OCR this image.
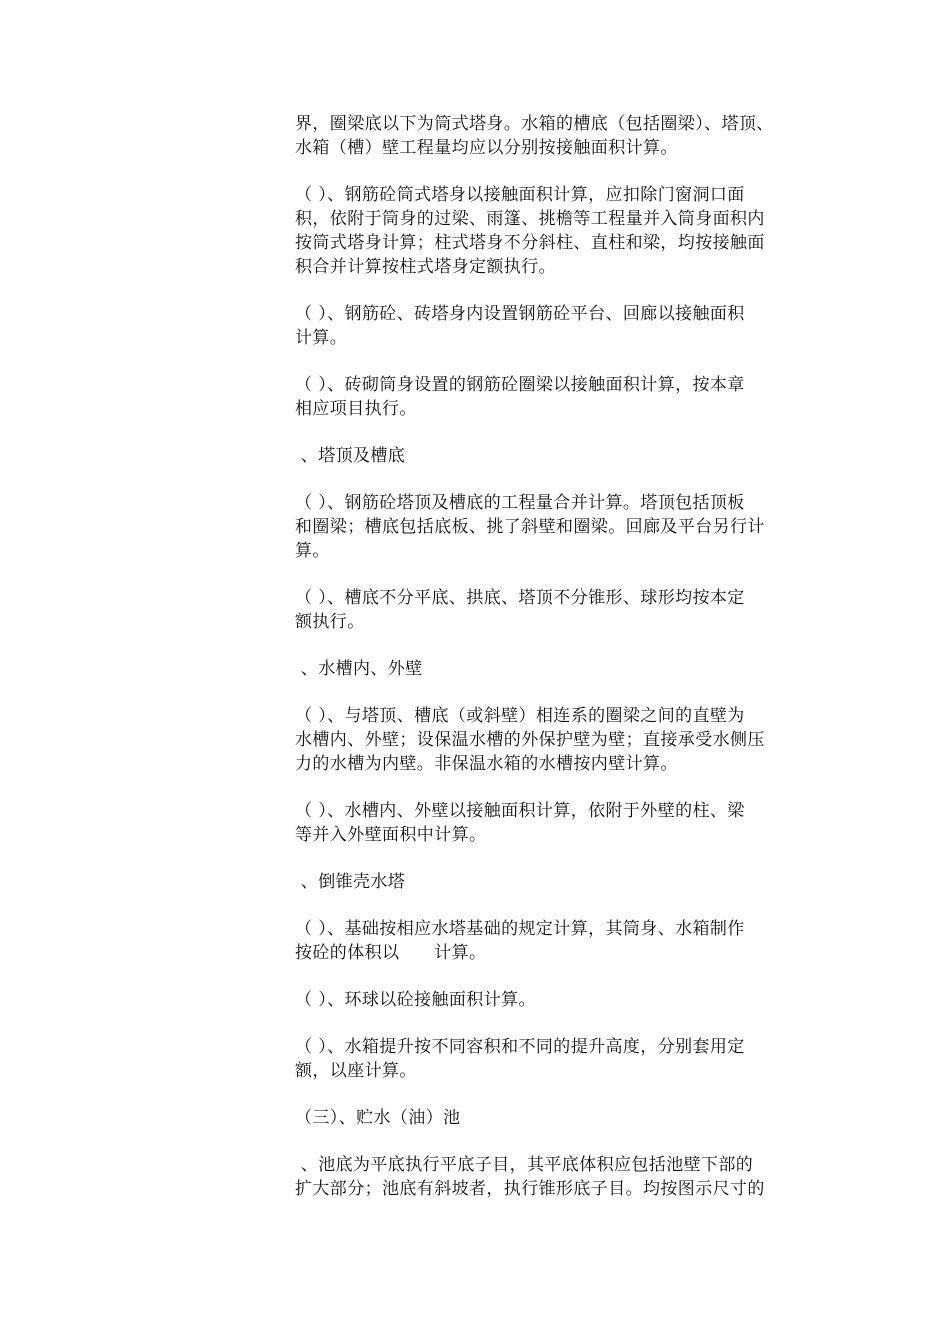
界，圈梁底以下为筒式塔身。水箱的槽底（包括圈梁）、塔顶、
水箱（槽）壁工程量均应以分别按接触面积计算。
（ ）、钢筋砼筒式塔身以接触面积计算，应扣除门窗洞口面
积，依附于筒身的过梁、雨篷、挑檐等工程量并入筒身面积内
按筒式塔身计算；柱式塔身不分斜柱、直柱和梁，均按接触面
积合并计算按柱式塔身定额执行。
（ ）、钢筋砼、砖塔身内设置钢筋砼平台、回廊以接触面积
计算。
（ ）、砖砌筒身设置的钢筋砼圈梁以接触面积计算，按本章
相应项目执行。
、塔顶及槽底
（ ）、钢筋砼塔顶及槽底的工程量合并计算。塔顶包括顶板
和圈梁；槽底包括底板、挑了斜壁和圈梁。回廊及平台另行计
算。
（ ）、槽底不分平底、拱底、塔顶不分锥形、球形均按本定
额执行。
、水槽内、外壁
（ ）、与塔顶、槽底（或斜壁）相连系的圈梁之间的直壁为
水槽内、外壁；设保温水槽的外保护壁为壁；直接承受水侧压
力的水槽为内壁。非保温水箱的水槽按内壁计算。
（ ）、水槽内、外壁以接触面积计算，依附于外壁的柱、梁
等并入外壁面积中计算。
、倒锥壳水塔
（ ）、基础按相应水塔基础的规定计算，其筒身、水箱制作
按砼的体积以　　计算。
（ ）、环球以砼接触面积计算。
（ ）、水箱提升按不同容积和不同的提升高度，分别套用定
额，以座计算。
（三）、贮水（油）池
、池底为平底执行平底子目，其平底体积应包括池壁下部的
扩大部分；池底有斜坡者，执行锥形底子目。均按图示尺寸的
